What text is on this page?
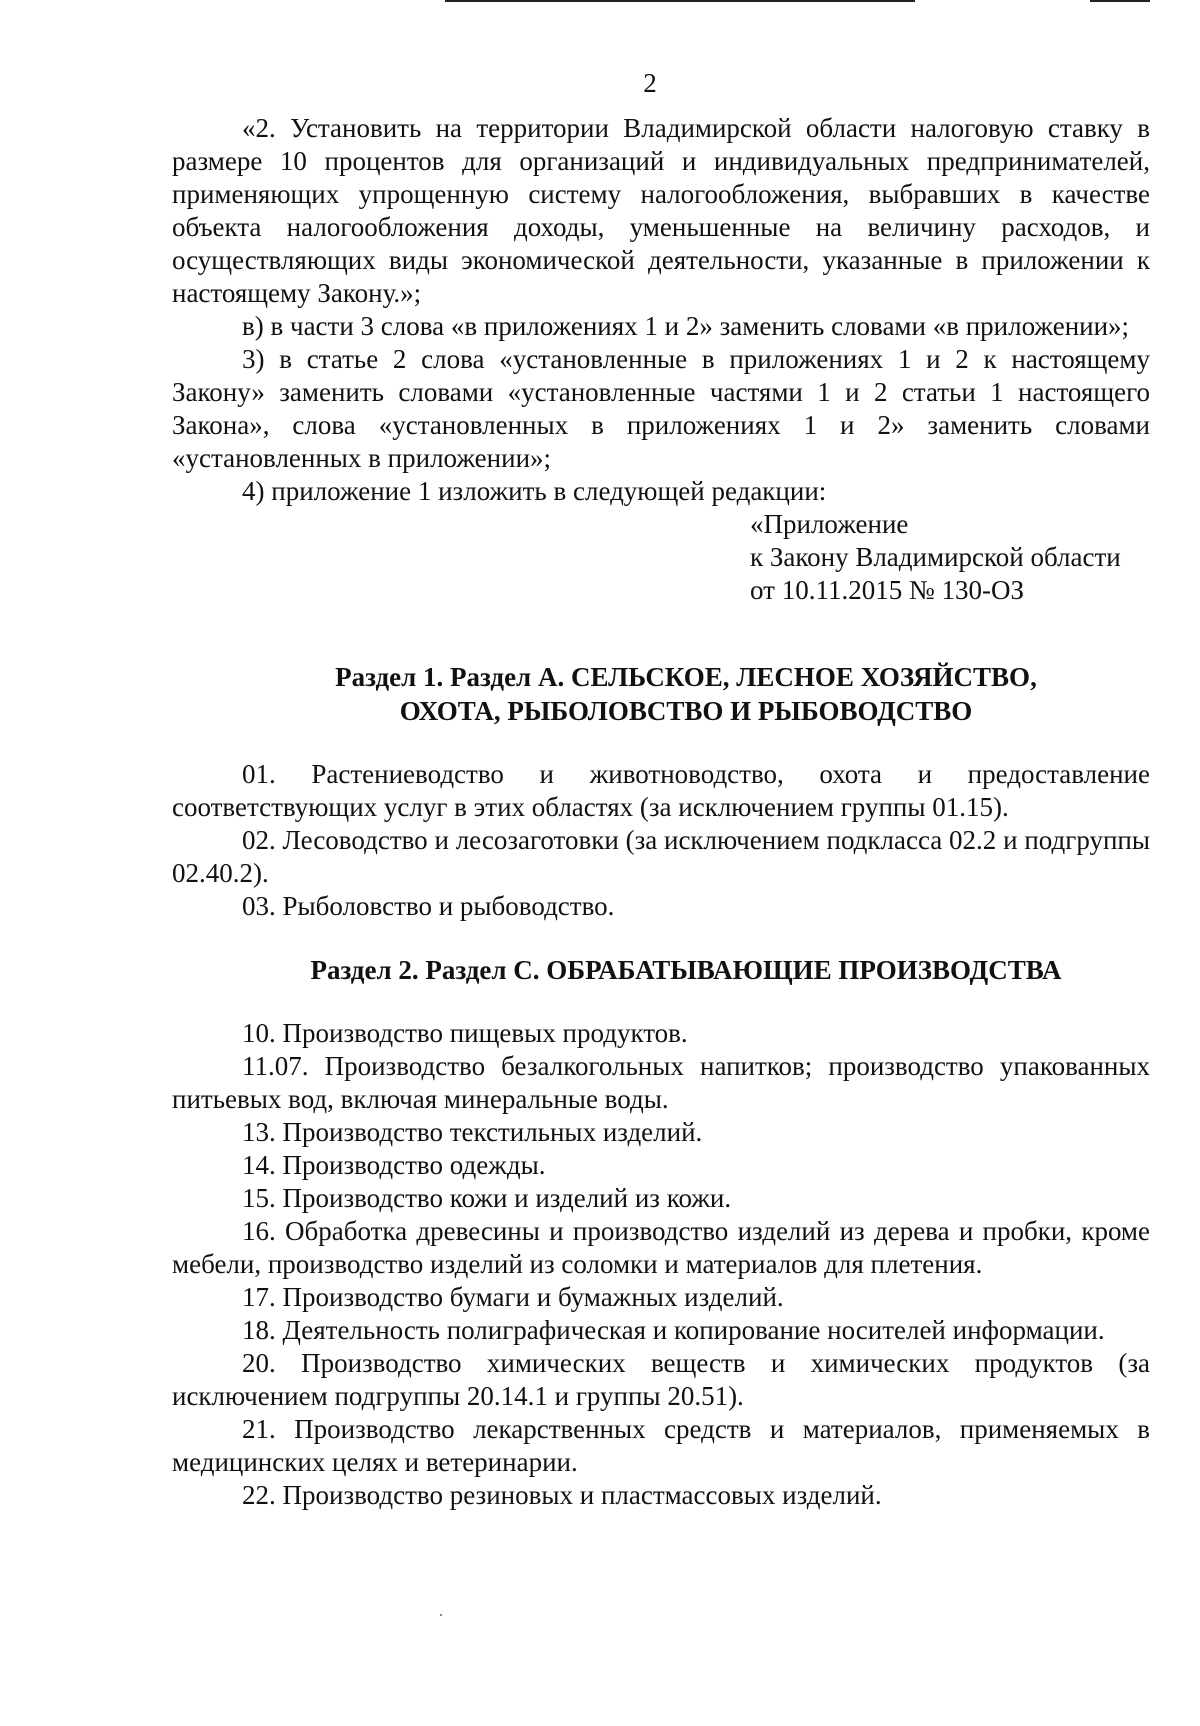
2

«2. Установить на территории Владимирской области налоговую ставку в размере 10 процентов для организаций и индивидуальных предпринимателей, применяющих упрощенную систему налогообложения, выбравших в качестве объекта налогообложения доходы, уменьшенные на величину расходов, и осуществляющих виды экономической деятельности, указанные в приложении к настоящему Закону.»;

в) в части 3 слова «в приложениях 1 и 2» заменить словами «в приложении»;

3) в статье 2 слова «установленные в приложениях 1 и 2 к настоящему Закону» заменить словами «установленные частями 1 и 2 статьи 1 настоящего Закона», слова «установленных в приложениях 1 и 2» заменить словами «установленных в приложении»;

4) приложение 1 изложить в следующей редакции:

«Приложение
к Закону Владимирской области
от 10.11.2015 № 130-ОЗ
Раздел 1. Раздел А. СЕЛЬСКОЕ, ЛЕСНОЕ ХОЗЯЙСТВО,
ОХОТА, РЫБОЛОВСТВО И РЫБОВОДСТВО

01. Растениеводство и животноводство, охота и предоставление соответствующих услуг в этих областях (за исключением группы 01.15).

02. Лесоводство и лесозаготовки (за исключением подкласса 02.2 и подгруппы 02.40.2).

03. Рыболовство и рыбоводство.

Раздел 2. Раздел С. ОБРАБАТЫВАЮЩИЕ ПРОИЗВОДСТВА

10. Производство пищевых продуктов.

11.07. Производство безалкогольных напитков; производство упакованных питьевых вод, включая минеральные воды.

13. Производство текстильных изделий.

14. Производство одежды.

15. Производство кожи и изделий из кожи.

16. Обработка древесины и производство изделий из дерева и пробки, кроме мебели, производство изделий из соломки и материалов для плетения.

17. Производство бумаги и бумажных изделий.

18. Деятельность полиграфическая и копирование носителей информации.

20. Производство химических веществ и химических продуктов (за исключением подгруппы 20.14.1 и группы 20.51).

21. Производство лекарственных средств и материалов, применяемых в медицинских целях и ветеринарии.

22. Производство резиновых и пластмассовых изделий.
